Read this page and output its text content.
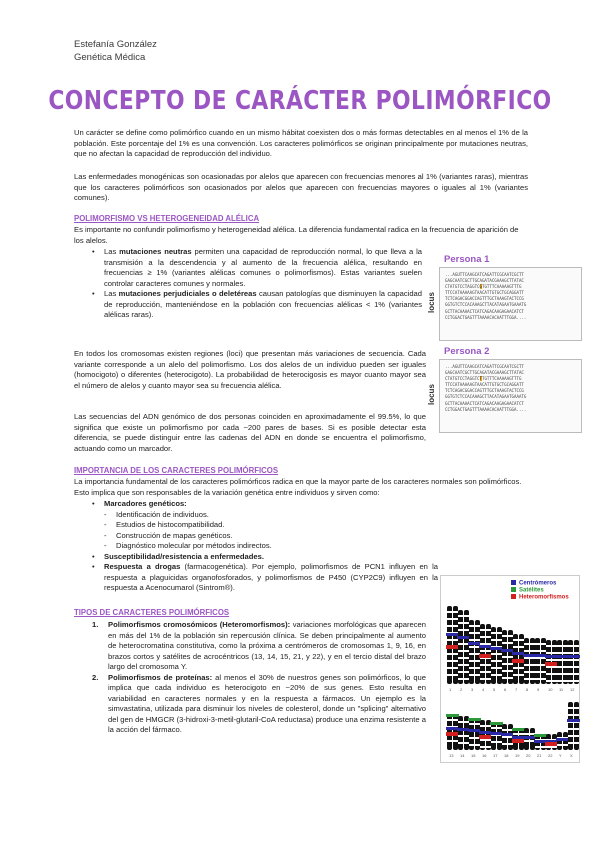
Estefanía González
Genética Médica
CONCEPTO DE CARÁCTER POLIMÓRFICO

Un carácter se define como polimórfico cuando en un mismo hábitat coexisten dos o más formas detectables en al menos el 1% de la población. Este porcentaje del 1% es una convención. Los caracteres polimórficos se originan principalmente por mutaciones neutras, que no afectan la capacidad de reproducción del individuo.

Las enfermedades monogénicas son ocasionadas por alelos que aparecen con frecuencias menores al 1% (variantes raras), mientras que los caracteres polimórficos son ocasionados por alelos que aparecen con frecuencias mayores o iguales al 1% (variantes comunes).

POLIMORFISMO VS HETEROGENEIDAD ALÉLICA

Es importante no confundir polimorfismo y heterogeneidad alélica. La diferencia fundamental radica en la frecuencia de aparición de los alelos.

• Las mutaciones neutras permiten una capacidad de reproducción normal, lo que lleva a la transmisión a la descendencia y al aumento de la frecuencia alélica, resultando en frecuencias ≥ 1% (variantes alélicas comunes o polimorfismos). Estas variantes suelen controlar caracteres comunes y normales.
• Las mutaciones perjudiciales o deletéreas causan patologías que disminuyen la capacidad de reproducción, manteniéndose en la población con frecuencias alélicas < 1% (variantes alélicas raras).

En todos los cromosomas existen regiones (loci) que presentan más variaciones de secuencia. Cada variante corresponde a un alelo del polimorfismo. Los dos alelos de un individuo pueden ser iguales (homocigoto) o diferentes (heterocigoto). La probabilidad de heterocigosis es mayor cuanto mayor sea el número de alelos y cuanto mayor sea su frecuencia alélica.

Las secuencias del ADN genómico de dos personas coinciden en aproximadamente el 99.5%, lo que significa que existe un polimorfismo por cada ~200 pares de bases. Si es posible detectar esta diferencia, se puede distinguir entre las cadenas del ADN en donde se encuentra el polimorfismo, actuando como un marcador.

Persona 1
locus
...AGUTTCAAGCATCAGATTCGCAATCGCTT
GAGCAATCGCTTGCAGATACGAAAGCTTATAC
CTATGTCCTAGGTCGTGTTTCAAAAAGTTTG
TTCCATAAAAAGTAACATTGTGCTGCAGGATT
TCTCAGACGGACCAGTTTGCTAAAGTACTCCG
GGTGTCTCCACAAAGCTTACATAGAATGAAATG
GCTTACAAAACTCATCAGACAAGAGAACATCT
CCTGGACTGAGTTTAAAACACAATTTGGA....
Persona 2
locus
...AGUTTCAAGCATCAGATTCGCAATCGCTT
GAGCAATCGCTTGCAGATACGAAAGCTTATAC
CTATGTCCTAGGTCTTGTTTCAAAAAGTTTG
TTCCATAAAAAGTAACATTGTGCTGCAGGATT
TCTCAGACGGACCAGTTTGCTAAAGTACTCCG
GGTGTCTCCACAAAGCTTACATAGAATGAAATG
GCTTACAAAACTCATCAGACAAGAGAACATCT
CCTGGACTGAGTTTAAAACACAATTTGGA....
IMPORTANCIA DE LOS CARACTERES POLIMÓRFICOS

La importancia fundamental de los caracteres polimórficos radica en que la mayor parte de los caracteres normales son polimórficos. Esto implica que son responsables de la variación genética entre individuos y sirven como:

• Marcadores genéticos:
- Identificación de individuos.
- Estudios de histocompatibilidad.
- Construcción de mapas genéticos.
- Diagnóstico molecular por métodos indirectos.
• Susceptibilidad/resistencia a enfermedades.
• Respuesta a drogas (farmacogenética). Por ejemplo, polimorfismos de PCN1 influyen en la respuesta a plaguicidas organofosforados, y polimorfismos de P450 (CYP2C9) influyen en la respuesta a Acenocumarol (Sintrom®).
TIPOS DE CARACTERES POLIMÓRFICOS
1. Polimorfismos cromosómicos (Heteromorfismos): variaciones morfológicas que aparecen en más del 1% de la población sin repercusión clínica. Se deben principalmente al aumento de heterocromatina constitutiva, como la próxima a centrómeros de cromosomas 1, 9, 16, en brazos cortos y satélites de acrocéntricos (13, 14, 15, 21, y 22), y en el tercio distal del brazo largo del cromosoma Y.
2. Polimorfismos de proteínas: al menos el 30% de nuestros genes son polimórficos, lo que implica que cada individuo es heterocigoto en ~20% de sus genes. Esto resulta en variabilidad en caracteres normales y en la respuesta a fármacos. Un ejemplo es la simvastatina, utilizada para disminuir los niveles de colesterol, donde un "splicing" alternativo del gen de HMGCR (3-hidroxi-3-metil-glutaril-CoA reductasa) produce una enzima resistente a la acción del fármaco.
Centrómeros
Satélites
Heteromorfismos
1 2 3 4 5 6 7 8 9 10 11 12
13 14 15 16 17 18 19 20 21 22 Y X
